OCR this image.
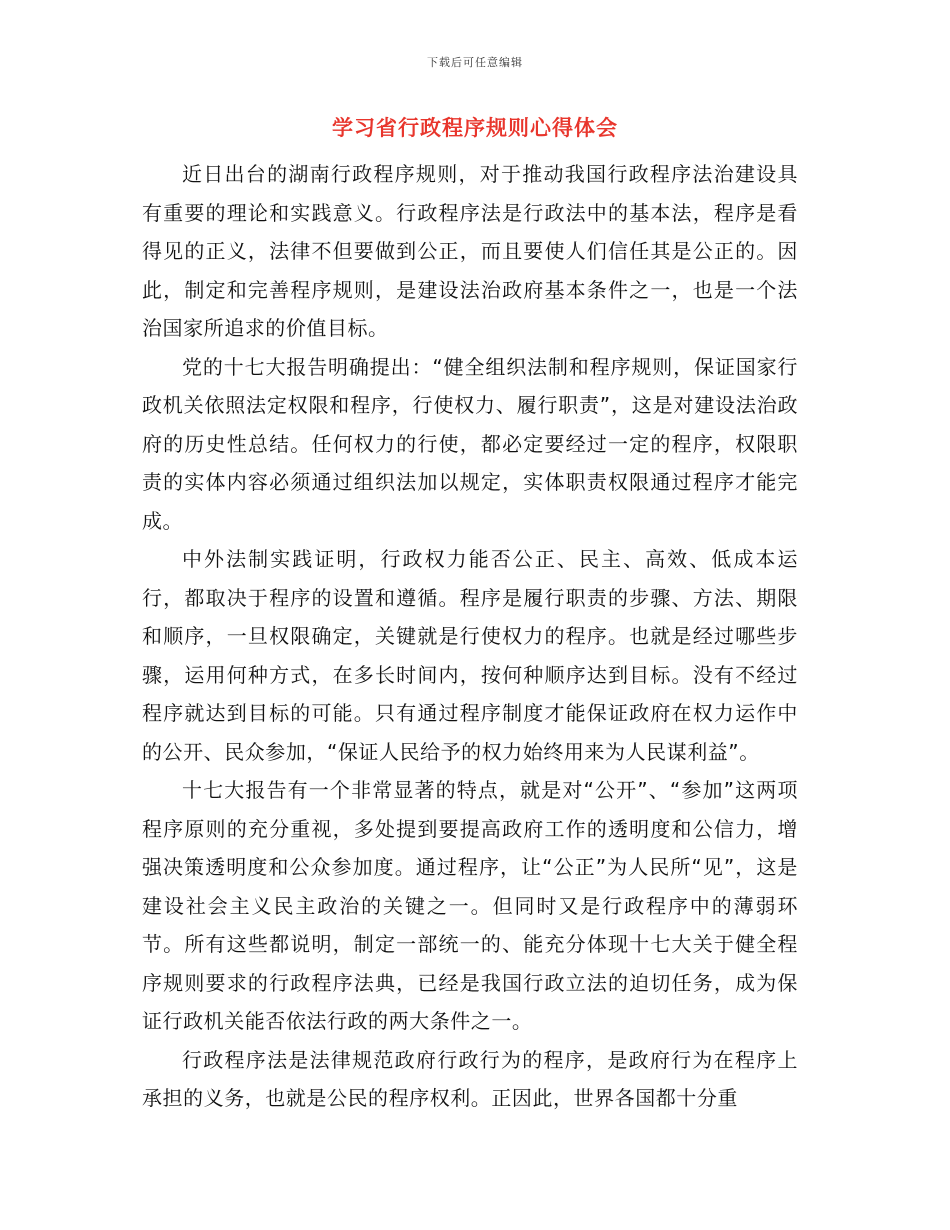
下载后可任意编辑
学习省行政程序规则心得体会

近日出台的湖南行政程序规则，对于推动我国行政程序法治建设具有重要的理论和实践意义。行政程序法是行政法中的基本法，程序是看得见的正义，法律不但要做到公正，而且要使人们信任其是公正的。因此，制定和完善程序规则，是建设法治政府基本条件之一，也是一个法治国家所追求的价值目标。

党的十七大报告明确提出：“健全组织法制和程序规则，保证国家行政机关依照法定权限和程序，行使权力、履行职责”，这是对建设法治政府的历史性总结。任何权力的行使，都必定要经过一定的程序，权限职责的实体内容必须通过组织法加以规定，实体职责权限通过程序才能完成。

中外法制实践证明，行政权力能否公正、民主、高效、低成本运行，都取决于程序的设置和遵循。程序是履行职责的步骤、方法、期限和顺序，一旦权限确定，关键就是行使权力的程序。也就是经过哪些步骤，运用何种方式，在多长时间内，按何种顺序达到目标。没有不经过程序就达到目标的可能。只有通过程序制度才能保证政府在权力运作中的公开、民众参加，“保证人民给予的权力始终用来为人民谋利益”。

十七大报告有一个非常显著的特点，就是对“公开”、“参加”这两项程序原则的充分重视，多处提到要提高政府工作的透明度和公信力，增强决策透明度和公众参加度。通过程序，让“公正”为人民所“见”，这是建设社会主义民主政治的关键之一。但同时又是行政程序中的薄弱环节。所有这些都说明，制定一部统一的、能充分体现十七大关于健全程序规则要求的行政程序法典，已经是我国行政立法的迫切任务，成为保证行政机关能否依法行政的两大条件之一。

行政程序法是法律规范政府行政行为的程序，是政府行为在程序上承担的义务，也就是公民的程序权利。正因此，世界各国都十分重
